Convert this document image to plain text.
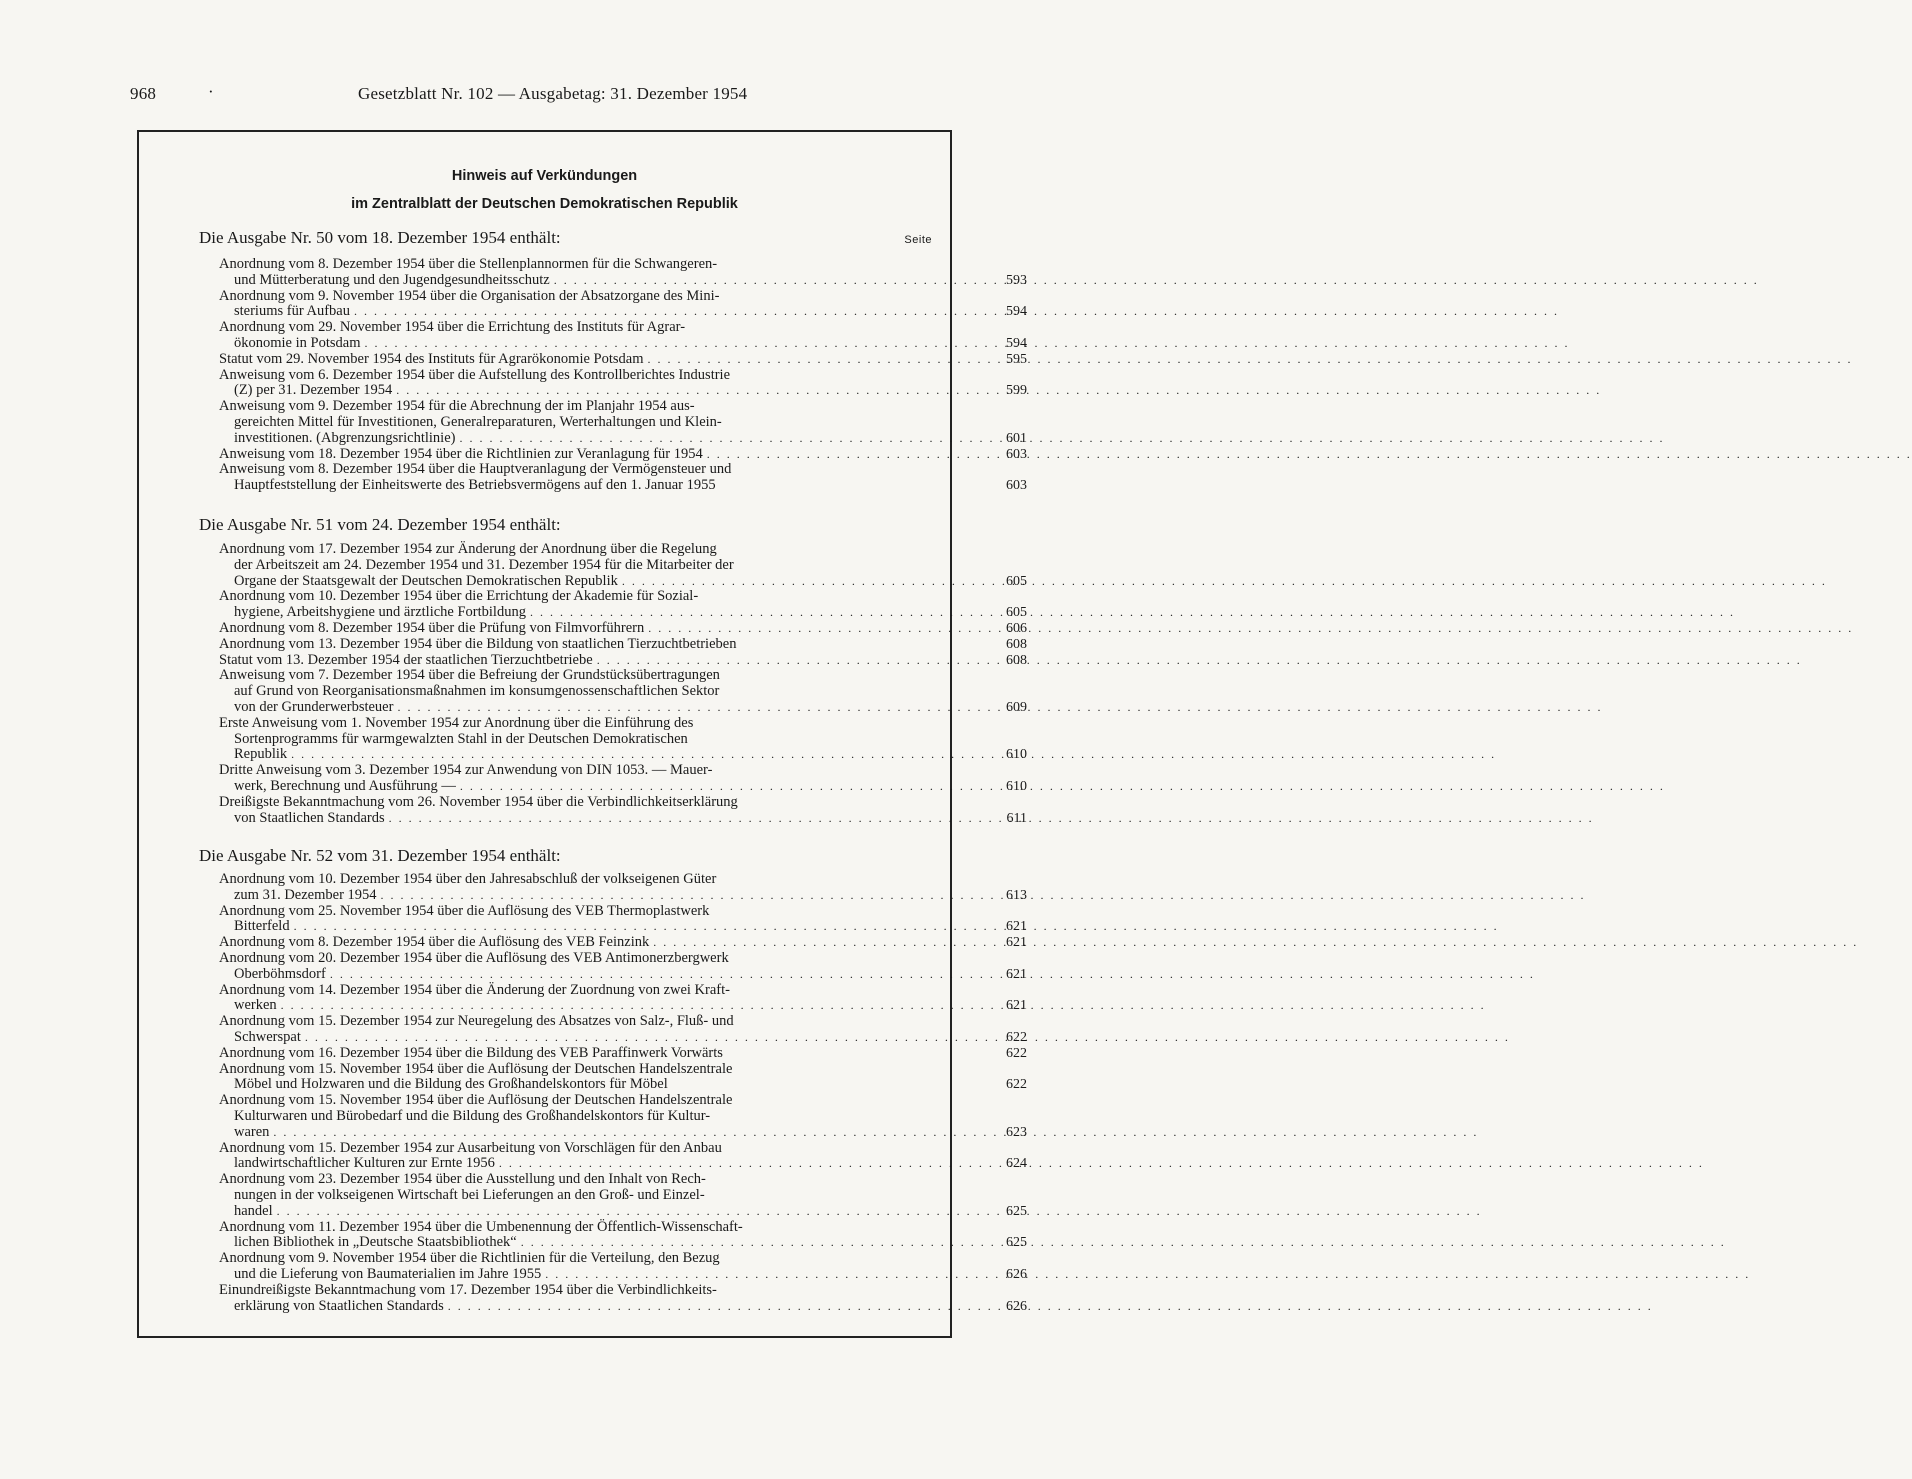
968	·	Gesetzblatt Nr. 102 — Ausgabetag: 31. Dezember 1954
Hinweis auf Verkündungen
im Zentralblatt der Deutschen Demokratischen Republik
Seite
Die Ausgabe Nr. 50 vom 18. Dezember 1954 enthält:
Anordnung vom 8. Dezember 1954 über die Stellenplannormen für die Schwangeren-
und Mütterberatung und den Jugendgesundheitsschutz . . .	593
Anordnung vom 9. November 1954 über die Organisation der Absatzorgane des Mini-
steriums für Aufbau . . .	594
Anordnung vom 29. November 1954 über die Errichtung des Instituts für Agrar-
ökonomie in Potsdam . . .	594
Statut vom 29. November 1954 des Instituts für Agrarökonomie Potsdam . . .	595
Anweisung vom 6. Dezember 1954 über die Aufstellung des Kontrollberichtes Industrie
(Z) per 31. Dezember 1954 . . .	599
Anweisung vom 9. Dezember 1954 für die Abrechnung der im Planjahr 1954 aus-
gereichten Mittel für Investitionen, Generalreparaturen, Werterhaltungen und Klein-
investitionen. (Abgrenzungsrichtlinie) . . .	601
Anweisung vom 18. Dezember 1954 über die Richtlinien zur Veranlagung für 1954 . . .	603
Anweisung vom 8. Dezember 1954 über die Hauptveranlagung der Vermögensteuer und
Hauptfeststellung der Einheitswerte des Betriebsvermögens auf den 1. Januar 1955	603
Die Ausgabe Nr. 51 vom 24. Dezember 1954 enthält:
Anordnung vom 17. Dezember 1954 zur Änderung der Anordnung über die Regelung
der Arbeitszeit am 24. Dezember 1954 und 31. Dezember 1954 für die Mitarbeiter der
Organe der Staatsgewalt der Deutschen Demokratischen Republik . . .	605
Anordnung vom 10. Dezember 1954 über die Errichtung der Akademie für Sozial-
hygiene, Arbeitshygiene und ärztliche Fortbildung . . .	605
Anordnung vom 8. Dezember 1954 über die Prüfung von Filmvorführern . . .	606
Anordnung vom 13. Dezember 1954 über die Bildung von staatlichen Tierzuchtbetrieben	608
Statut vom 13. Dezember 1954 der staatlichen Tierzuchtbetriebe . . .	608
Anweisung vom 7. Dezember 1954 über die Befreiung der Grundstücksübertragungen
auf Grund von Reorganisationsmaßnahmen im konsumgenossenschaftlichen Sektor
von der Grunderwerbsteuer . . .	609
Erste Anweisung vom 1. November 1954 zur Anordnung über die Einführung des
Sortenprogramms für warmgewalzten Stahl in der Deutschen Demokratischen
Republik . . .	610
Dritte Anweisung vom 3. Dezember 1954 zur Anwendung von DIN 1053. — Mauer-
werk, Berechnung und Ausführung — . . .	610
Dreißigste Bekanntmachung vom 26. November 1954 über die Verbindlichkeitserklärung
von Staatlichen Standards . . .	611
Die Ausgabe Nr. 52 vom 31. Dezember 1954 enthält:
Anordnung vom 10. Dezember 1954 über den Jahresabschluß der volkseigenen Güter
zum 31. Dezember 1954 . . .	613
Anordnung vom 25. November 1954 über die Auflösung des VEB Thermoplastwerk
Bitterfeld . . .	621
Anordnung vom 8. Dezember 1954 über die Auflösung des VEB Feinzink . . .	621
Anordnung vom 20. Dezember 1954 über die Auflösung des VEB Antimonerzbergwerk
Oberböhmsdorf . . .	621
Anordnung vom 14. Dezember 1954 über die Änderung der Zuordnung von zwei Kraft-
werken . . .	621
Anordnung vom 15. Dezember 1954 zur Neuregelung des Absatzes von Salz-, Fluß- und
Schwerspat . . .	622
Anordnung vom 16. Dezember 1954 über die Bildung des VEB Paraffinwerk Vorwärts	622
Anordnung vom 15. November 1954 über die Auflösung der Deutschen Handelszentrale
Möbel und Holzwaren und die Bildung des Großhandelskontors für Möbel	622
Anordnung vom 15. November 1954 über die Auflösung der Deutschen Handelszentrale
Kulturwaren und Bürobedarf und die Bildung des Großhandelskontors für Kultur-
waren . . .	623
Anordnung vom 15. Dezember 1954 zur Ausarbeitung von Vorschlägen für den Anbau
landwirtschaftlicher Kulturen zur Ernte 1956 . . .	624
Anordnung vom 23. Dezember 1954 über die Ausstellung und den Inhalt von Rech-
nungen in der volkseigenen Wirtschaft bei Lieferungen an den Groß- und Einzel-
handel . . .	625
Anordnung vom 11. Dezember 1954 über die Umbenennung der Öffentlich-Wissenschaft-
lichen Bibliothek in „Deutsche Staatsbibliothek“ . . .	625
Anordnung vom 9. November 1954 über die Richtlinien für die Verteilung, den Bezug
und die Lieferung von Baumaterialien im Jahre 1955 . . .	626
Einundreißigste Bekanntmachung vom 17. Dezember 1954 über die Verbindlichkeits-
erklärung von Staatlichen Standards . . .	626
